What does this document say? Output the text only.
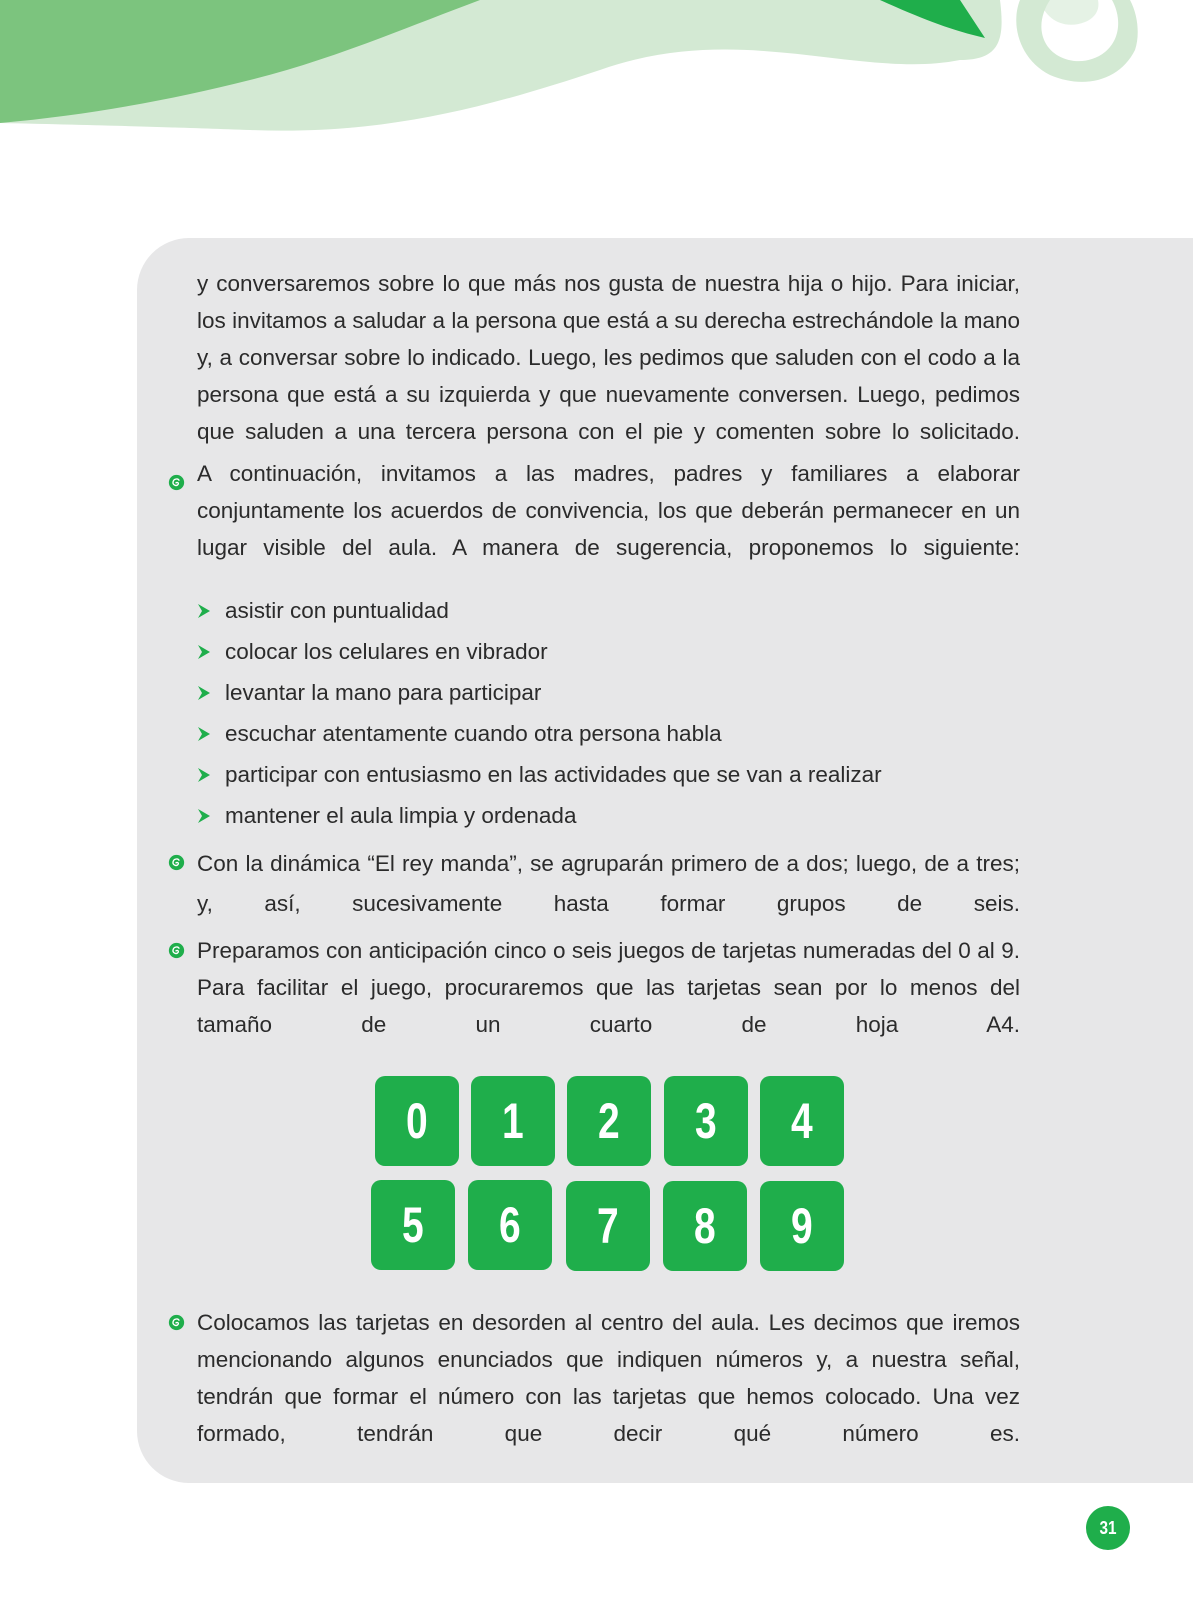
y conversaremos sobre lo que más nos gusta de nuestra hija o hijo. Para iniciar, los invitamos a saludar a la persona que está a su derecha estrechándole la mano y, a conversar sobre lo indicado. Luego, les pedimos que saluden con el codo a la persona que está a su izquierda y que nuevamente conversen. Luego, pedimos que saluden a una tercera persona con el pie y comenten sobre lo solicitado.

A continuación, invitamos a las madres, padres y familiares a elaborar conjuntamente los acuerdos de convivencia, los que deberán permanecer en un lugar visible del aula. A manera de sugerencia, proponemos lo siguiente:

asistir con puntualidad
colocar los celulares en vibrador
levantar la mano para participar
escuchar atentamente cuando otra persona habla
participar con entusiasmo en las actividades que se van a realizar
mantener el aula limpia y ordenada

Con la dinámica “El rey manda”, se agruparán primero de a dos; luego, de a tres; y, así, sucesivamente hasta formar grupos de seis.

Preparamos con anticipación cinco o seis juegos de tarjetas numeradas del 0 al 9. Para facilitar el juego, procuraremos que las tarjetas sean por lo menos del tamaño de un cuarto de hoja A4.

0 1 2 3 4
5 6 7 8 9

Colocamos las tarjetas en desorden al centro del aula. Les decimos que iremos mencionando algunos enunciados que indiquen números y, a nuestra señal, tendrán que formar el número con las tarjetas que hemos colocado. Una vez formado, tendrán que decir qué número es.

31
